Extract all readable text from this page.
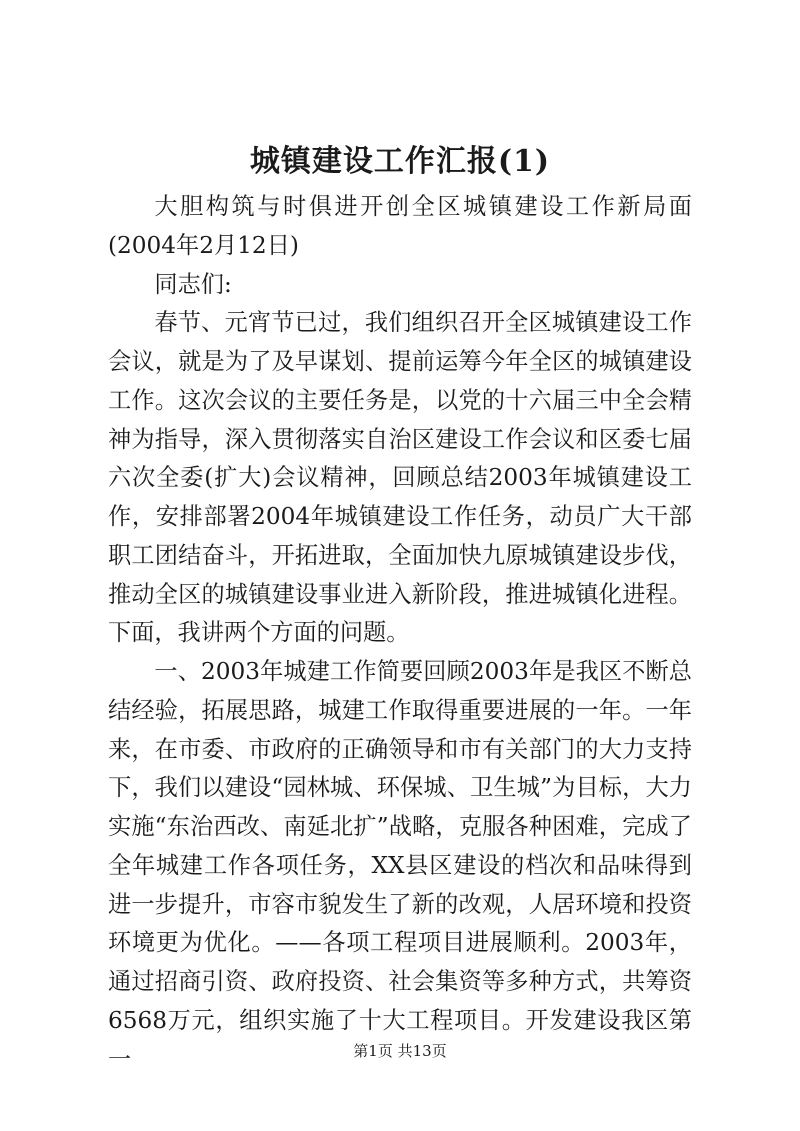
城镇建设工作汇报(1)

大胆构筑与时俱进开创全区城镇建设工作新局面(2004年2月12日)

同志们:

春节、元宵节已过，我们组织召开全区城镇建设工作会议，就是为了及早谋划、提前运筹今年全区的城镇建设工作。这次会议的主要任务是，以党的十六届三中全会精神为指导，深入贯彻落实自治区建设工作会议和区委七届六次全委(扩大)会议精神，回顾总结2003年城镇建设工作，安排部署2004年城镇建设工作任务，动员广大干部职工团结奋斗，开拓进取，全面加快九原城镇建设步伐，推动全区的城镇建设事业进入新阶段，推进城镇化进程。下面，我讲两个方面的问题。

一、2003年城建工作简要回顾2003年是我区不断总结经验，拓展思路，城建工作取得重要进展的一年。一年来，在市委、市政府的正确领导和市有关部门的大力支持下，我们以建设“园林城、环保城、卫生城”为目标，大力实施“东治西改、南延北扩”战略，克服各种困难，完成了全年城建工作各项任务，XX县区建设的档次和品味得到进一步提升，市容市貌发生了新的改观，人居环境和投资环境更为优化。——各项工程项目进展顺利。2003年，通过招商引资、政府投资、社会集资等多种方式，共筹资6568万元，组织实施了十大工程项目。开发建设我区第一	第1页 共13页
